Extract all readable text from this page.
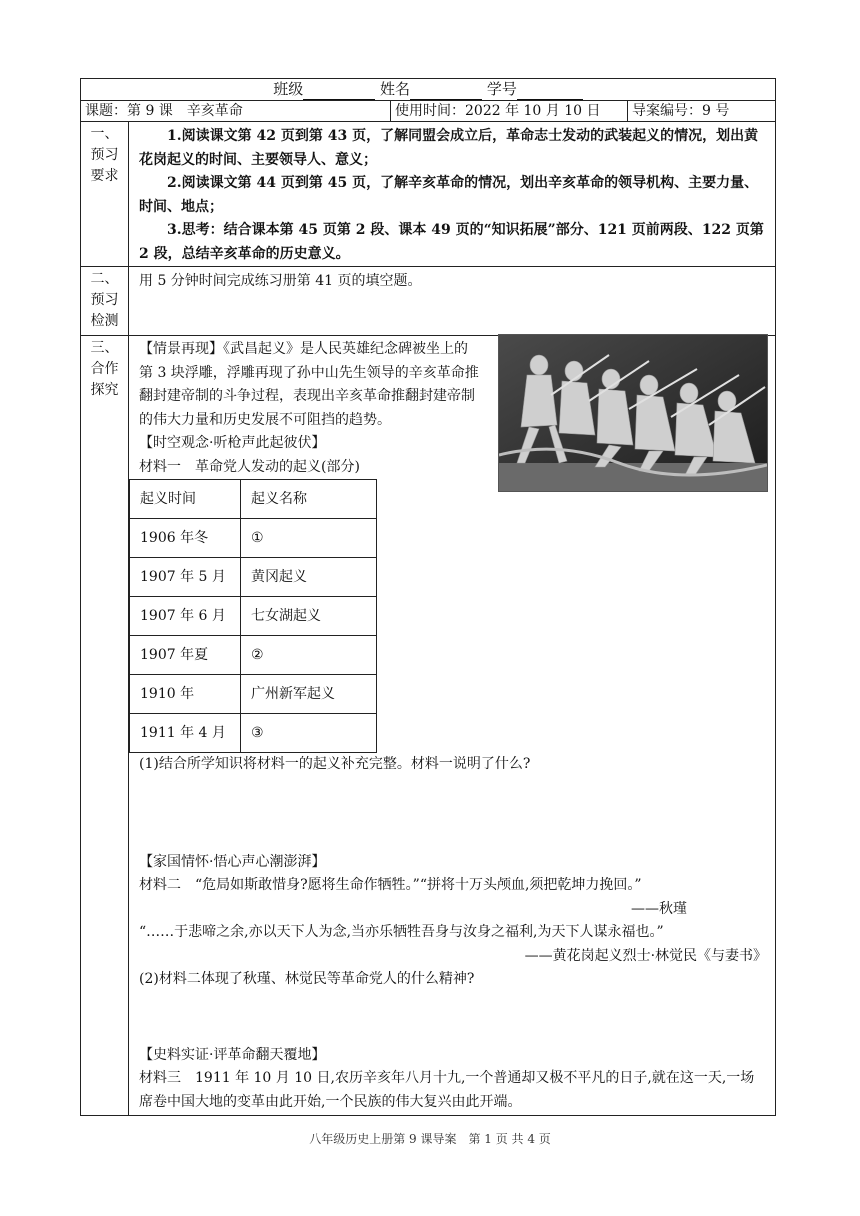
班级	姓名	学号
课题：第 9 课　辛亥革命	使用时间：2022 年 10 月 10 日	导案编号：9 号
一、
预习
要求	

1.阅读课文第 42 页到第 43 页，了解同盟会成立后，革命志士发动的武装起义的情况，划出黄花岗起义的时间、主要领导人、意义；

2.阅读课文第 44 页到第 45 页，了解辛亥革命的情况，划出辛亥革命的领导机构、主要力量、时间、地点；

3.思考：结合课本第 45 页第 2 段、课本 49 页的“知识拓展”部分、121 页前两段、122 页第 2 段，总结辛亥革命的历史意义。

二、
预习
检测	用 5 分钟时间完成练习册第 41 页的填空题。
三、
合作
探究	

【情景再现】《武昌起义》是人民英雄纪念碑被坐上的第 3 块浮雕，浮雕再现了孙中山先生领导的辛亥革命推翻封建帝制的斗争过程，表现出辛亥革命推翻封建帝制的伟大力量和历史发展不可阻挡的趋势。

【时空观念·听枪声此起彼伏】

材料一　革命党人发动的起义(部分)

起义时间	起义名称
1906 年冬	①
1907 年 5 月	黄冈起义
1907 年 6 月	七女湖起义
1907 年夏	②
1910 年	广州新军起义
1911 年 4 月	③

(1)结合所学知识将材料一的起义补充完整。材料一说明了什么?

【家国情怀·悟心声心潮澎湃】

材料二　“危局如斯敢惜身?愿将生命作牺牲。”“拼将十万头颅血,须把乾坤力挽回。”

——秋瑾

“……于悲啼之余,亦以天下人为念,当亦乐牺牲吾身与汝身之福利,为天下人谋永福也。”

——黄花岗起义烈士·林觉民《与妻书》

(2)材料二体现了秋瑾、林觉民等革命党人的什么精神?

【史料实证·评革命翻天覆地】

材料三　1911 年 10 月 10 日,农历辛亥年八月十九,一个普通却又极不平凡的日子,就在这一天,一场席卷中国大地的变革由此开始,一个民族的伟大复兴由此开端。

八年级历史上册第 9 课导案　第 1 页 共 4 页
